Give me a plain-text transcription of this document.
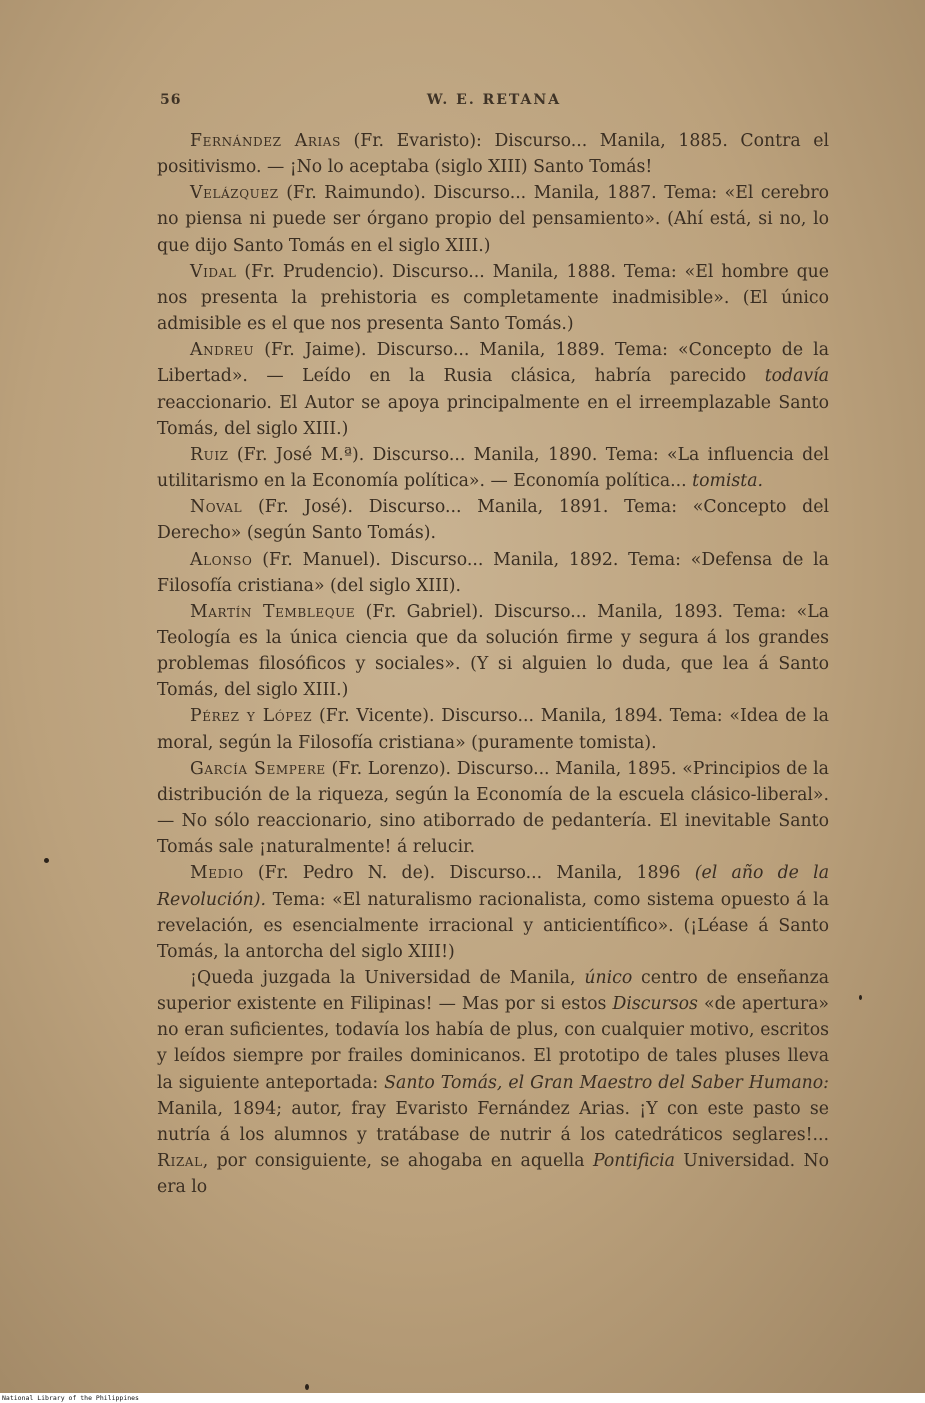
56	W. E. RETANA

Fernández Arias (Fr. Evaristo): Discurso... Manila, 1885. Contra el positivismo. — ¡No lo aceptaba (siglo XIII) Santo Tomás!

Velázquez (Fr. Raimundo). Discurso... Manila, 1887. Tema: «El cerebro no piensa ni puede ser órgano propio del pensamiento». (Ahí está, si no, lo que dijo Santo Tomás en el siglo XIII.)

Vidal (Fr. Prudencio). Discurso... Manila, 1888. Tema: «El hombre que nos presenta la prehistoria es completamente inadmisible». (El único admisible es el que nos presenta Santo Tomás.)

Andreu (Fr. Jaime). Discurso... Manila, 1889. Tema: «Concepto de la Libertad». — Leído en la Rusia clásica, habría parecido todavía reaccionario. El Autor se apoya principalmente en el irreemplazable Santo Tomás, del siglo XIII.)

Ruiz (Fr. José M.ª). Discurso... Manila, 1890. Tema: «La influencia del utilitarismo en la Economía política». — Economía política... tomista.

Noval (Fr. José). Discurso... Manila, 1891. Tema: «Concepto del Derecho» (según Santo Tomás).

Alonso (Fr. Manuel). Discurso... Manila, 1892. Tema: «Defensa de la Filosofía cristiana» (del siglo XIII).

Martín Tembleque (Fr. Gabriel). Discurso... Manila, 1893. Tema: «La Teología es la única ciencia que da solución firme y segura á los grandes problemas filosóficos y sociales». (Y si alguien lo duda, que lea á Santo Tomás, del siglo XIII.)

Pérez y López (Fr. Vicente). Discurso... Manila, 1894. Tema: «Idea de la moral, según la Filosofía cristiana» (puramente tomista).

García Sempere (Fr. Lorenzo). Discurso... Manila, 1895. «Principios de la distribución de la riqueza, según la Economía de la escuela clásico-liberal». — No sólo reaccionario, sino atiborrado de pedantería. El inevitable Santo Tomás sale ¡naturalmente! á relucir.

Medio (Fr. Pedro N. de). Discurso... Manila, 1896 (el año de la Revolución). Tema: «El naturalismo racionalista, como sistema opuesto á la revelación, es esencialmente irracional y anticientífico». (¡Léase á Santo Tomás, la antorcha del siglo XIII!)

¡Queda juzgada la Universidad de Manila, único centro de enseñanza superior existente en Filipinas! — Mas por si estos Discursos «de apertura» no eran suficientes, todavía los había de plus, con cualquier motivo, escritos y leídos siempre por frailes dominicanos. El prototipo de tales pluses lleva la siguiente anteportada: Santo Tomás, el Gran Maestro del Saber Humano: Manila, 1894; autor, fray Evaristo Fernández Arias. ¡Y con este pasto se nutría á los alumnos y tratábase de nutrir á los catedráticos seglares!... Rizal, por consiguiente, se ahogaba en aquella Pontificia Universidad. No era lo

National Library of the Philippines
